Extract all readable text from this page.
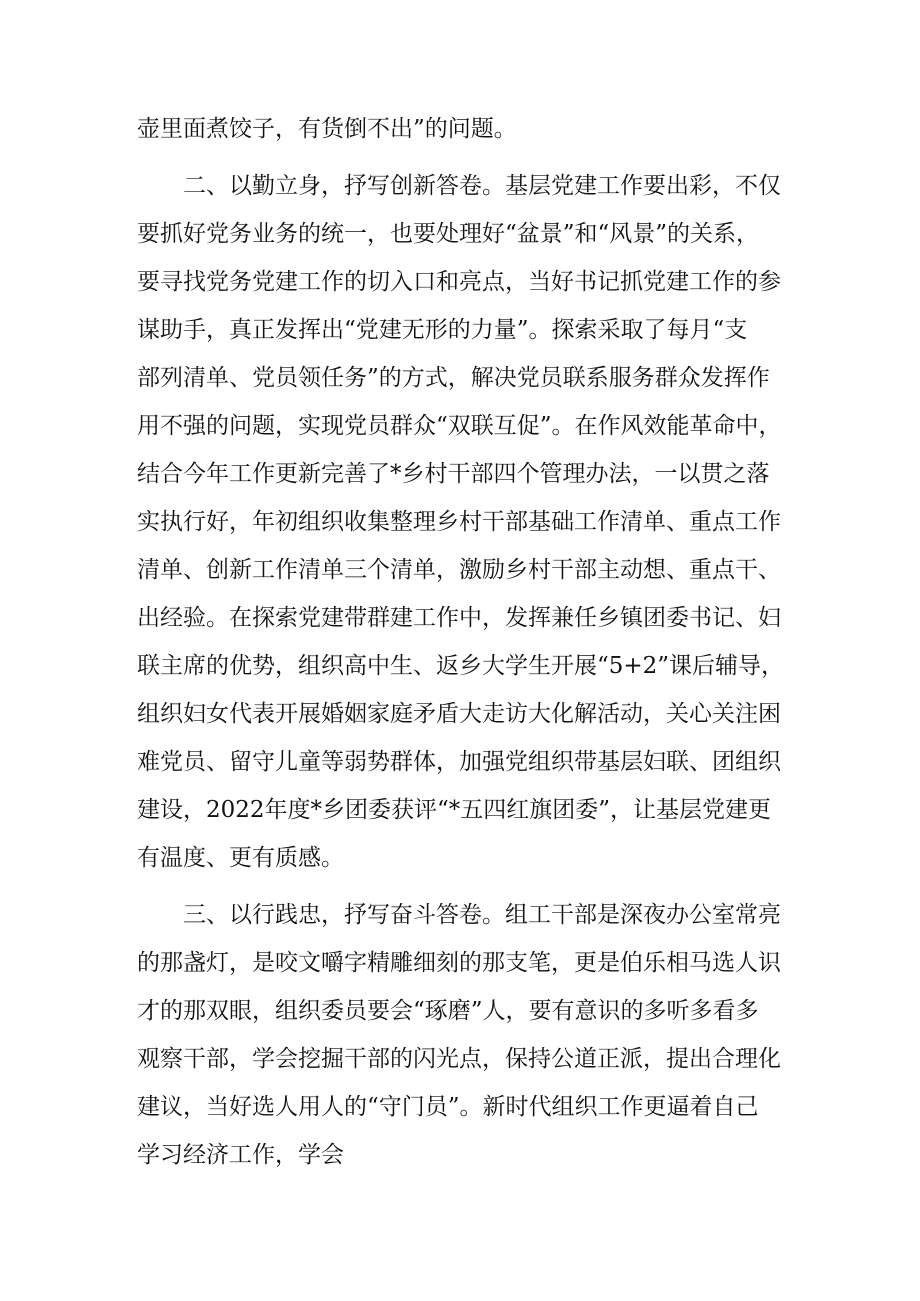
壶里面煮饺子，有货倒不出”的问题。
二、以勤立身，抒写创新答卷。基层党建工作要出彩，不仅
要抓好党务业务的统一，也要处理好“盆景”和“风景”的关系，
要寻找党务党建工作的切入口和亮点，当好书记抓党建工作的参
谋助手，真正发挥出“党建无形的力量”。探索采取了每月“支
部列清单、党员领任务”的方式，解决党员联系服务群众发挥作
用不强的问题，实现党员群众“双联互促”。在作风效能革命中，
结合今年工作更新完善了*乡村干部四个管理办法，一以贯之落
实执行好，年初组织收集整理乡村干部基础工作清单、重点工作
清单、创新工作清单三个清单，激励乡村干部主动想、重点干、
出经验。在探索党建带群建工作中，发挥兼任乡镇团委书记、妇
联主席的优势，组织高中生、返乡大学生开展“5+2”课后辅导，
组织妇女代表开展婚姻家庭矛盾大走访大化解活动，关心关注困
难党员、留守儿童等弱势群体，加强党组织带基层妇联、团组织
建设，2022年度*乡团委获评“*五四红旗团委”，让基层党建更
有温度、更有质感。
三、以行践忠，抒写奋斗答卷。组工干部是深夜办公室常亮
的那盏灯，是咬文嚼字精雕细刻的那支笔，更是伯乐相马选人识
才的那双眼，组织委员要会“琢磨”人，要有意识的多听多看多
观察干部，学会挖掘干部的闪光点，保持公道正派，提出合理化
建议，当好选人用人的“守门员”。新时代组织工作更逼着自己
学习经济工作，学会
